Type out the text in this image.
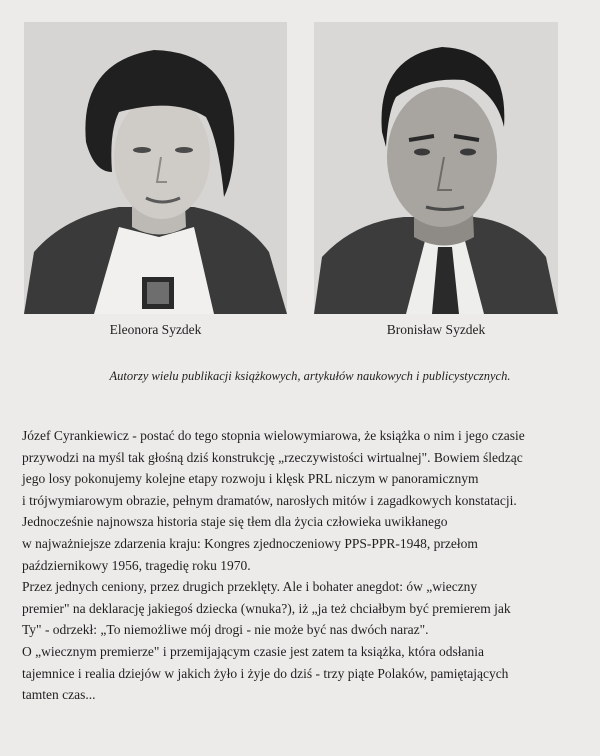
Eleonora Syzdek	Bronisław Syzdek
Autorzy wielu publikacji książkowych, artykułów naukowych i publicystycznych.

Józef Cyrankiewicz - postać do tego stopnia wielowymiarowa, że książka o nim i jego czasie

przywodzi na myśl tak głośną dziś konstrukcję „rzeczywistości wirtualnej". Bowiem śledząc

jego losy pokonujemy kolejne etapy rozwoju i klęsk PRL niczym w panoramicznym

i trójwymiarowym obrazie, pełnym dramatów, narosłych mitów i zagadkowych konstatacji.

Jednocześnie najnowsza historia staje się tłem dla życia człowieka uwikłanego

w najważniejsze zdarzenia kraju: Kongres zjednoczeniowy PPS-PPR-1948, przełom

październikowy 1956, tragedię roku 1970.

Przez jednych ceniony, przez drugich przeklęty. Ale i bohater anegdot: ów „wieczny

premier" na deklarację jakiegoś dziecka (wnuka?), iż „ja też chciałbym być premierem jak

Ty" - odrzekł: „To niemożliwe mój drogi - nie może być nas dwóch naraz".

O „wiecznym premierze" i przemijającym czasie jest zatem ta książka, która odsłania

tajemnice i realia dziejów w jakich żyło i żyje do dziś - trzy piąte Polaków, pamiętających

tamten czas...
